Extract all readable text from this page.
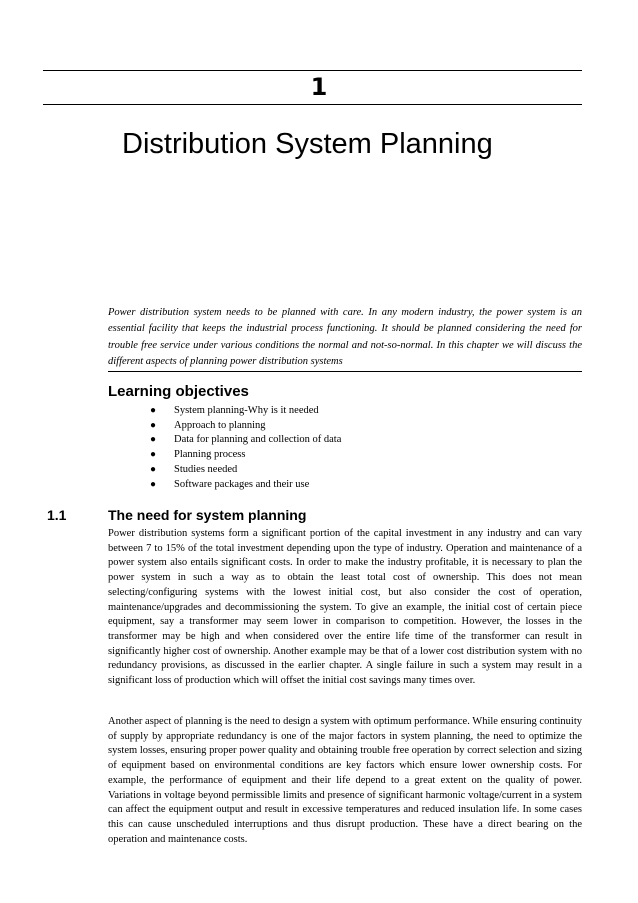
1
Distribution System Planning

Power distribution system needs to be planned with care. In any modern industry, the power system is an essential facility that keeps the industrial process functioning. It should be planned considering the need for trouble free service under various conditions the normal and not-so-normal. In this chapter we will discuss the different aspects of planning power distribution systems

Learning objectives
● System planning-Why is it needed
● Approach to planning
● Data for planning and collection of data
● Planning process
● Studies needed
● Software packages and their use
1.1	The need for system planning

Power distribution systems form a significant portion of the capital investment in any industry and can vary between 7 to 15% of the total investment depending upon the type of industry. Operation and maintenance of a power system also entails significant costs. In order to make the industry profitable, it is necessary to plan the power system in such a way as to obtain the least total cost of ownership. This does not mean selecting/configuring systems with the lowest initial cost, but also consider the cost of operation, maintenance/upgrades and decommissioning the system. To give an example, the initial cost of certain piece equipment, say a transformer may seem lower in comparison to competition. However, the losses in the transformer may be high and when considered over the entire life time of the transformer can result in significantly higher cost of ownership. Another example may be that of a lower cost distribution system with no redundancy provisions, as discussed in the earlier chapter. A single failure in such a system may result in a significant loss of production which will offset the initial cost savings many times over.

Another aspect of planning is the need to design a system with optimum performance. While ensuring continuity of supply by appropriate redundancy is one of the major factors in system planning, the need to optimize the system losses, ensuring proper power quality and obtaining trouble free operation by correct selection and sizing of equipment based on environmental conditions are key factors which ensure lower ownership costs. For example, the performance of equipment and their life depend to a great extent on the quality of power. Variations in voltage beyond permissible limits and presence of significant harmonic voltage/current in a system can affect the equipment output and result in excessive temperatures and reduced insulation life. In some cases this can cause unscheduled interruptions and thus disrupt production. These have a direct bearing on the operation and maintenance costs.
